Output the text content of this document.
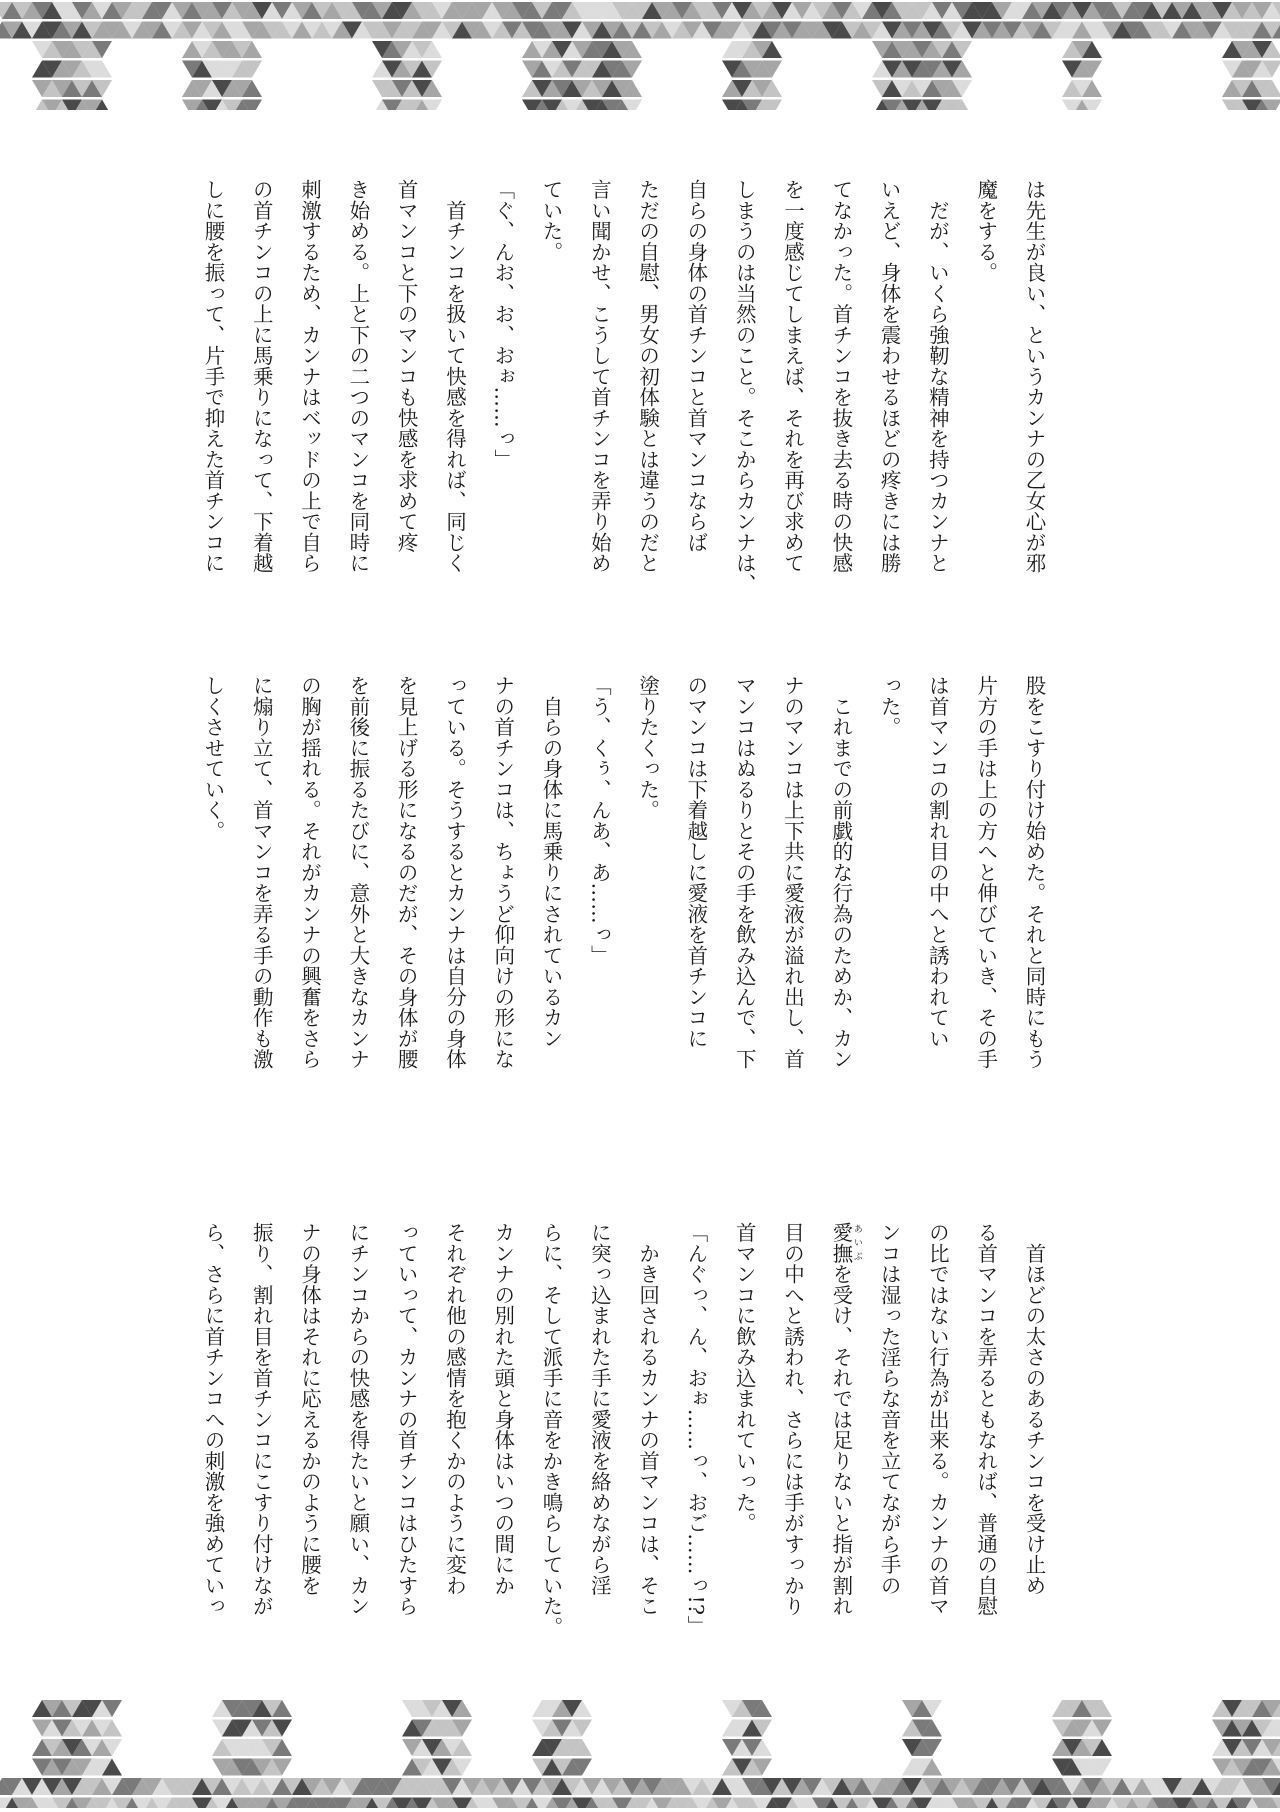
は先生が良い、というカンナの乙女心が邪
魔をする。
　だが、いくら強靭な精神を持つカンナと
いえど、身体を震わせるほどの疼きには勝
てなかった。首チンコを抜き去る時の快感
を一度感じてしまえば、それを再び求めて
しまうのは当然のこと。そこからカンナは、
自らの身体の首チンコと首マンコならば
ただの自慰、男女の初体験とは違うのだと
言い聞かせ、こうして首チンコを弄り始め
ていた。
「ぐ、んお、お、おぉ……っ」
　首チンコを扱いて快感を得れば、同じく
首マンコと下のマンコも快感を求めて疼
き始める。上と下の二つのマンコを同時に
刺激するため、カンナはベッドの上で自ら
の首チンコの上に馬乗りになって、下着越
しに腰を振って、片手で抑えた首チンコに
股をこすり付け始めた。それと同時にもう
片方の手は上の方へと伸びていき、その手
は首マンコの割れ目の中へと誘われてい
った。
　これまでの前戯的な行為のためか、カン
ナのマンコは上下共に愛液が溢れ出し、首
マンコはぬるりとその手を飲み込んで、下
のマンコは下着越しに愛液を首チンコに
塗りたくった。
「う、くぅ、んあ、あ……っ」
　自らの身体に馬乗りにされているカン
ナの首チンコは、ちょうど仰向けの形にな
っている。そうするとカンナは自分の身体
を見上げる形になるのだが、その身体が腰
を前後に振るたびに、意外と大きなカンナ
の胸が揺れる。それがカンナの興奮をさら
に煽り立て、首マンコを弄る手の動作も激
しくさせていく。
　首ほどの太さのあるチンコを受け止め
る首マンコを弄るともなれば、普通の自慰
の比ではない行為が出来る。カンナの首マ
ンコは湿った淫らな音を立てながら手の
愛撫 あいぶを受け、それでは足りないと指が割れ
目の中へと誘われ、さらには手がすっかり
首マンコに飲み込まれていった。
「んぐっ、ん、おぉ……っ、おご……っ!?」
　かき回されるカンナの首マンコは、そこ
に突っ込まれた手に愛液を絡めながら淫
らに、そして派手に音をかき鳴らしていた。
カンナの別れた頭と身体はいつの間にか
それぞれ他の感情を抱くかのように変わ
っていって、カンナの首チンコはひたすら
にチンコからの快感を得たいと願い、カン
ナの身体はそれに応えるかのように腰を
振り、割れ目を首チンコにこすり付けなが
ら、さらに首チンコへの刺激を強めていっ
